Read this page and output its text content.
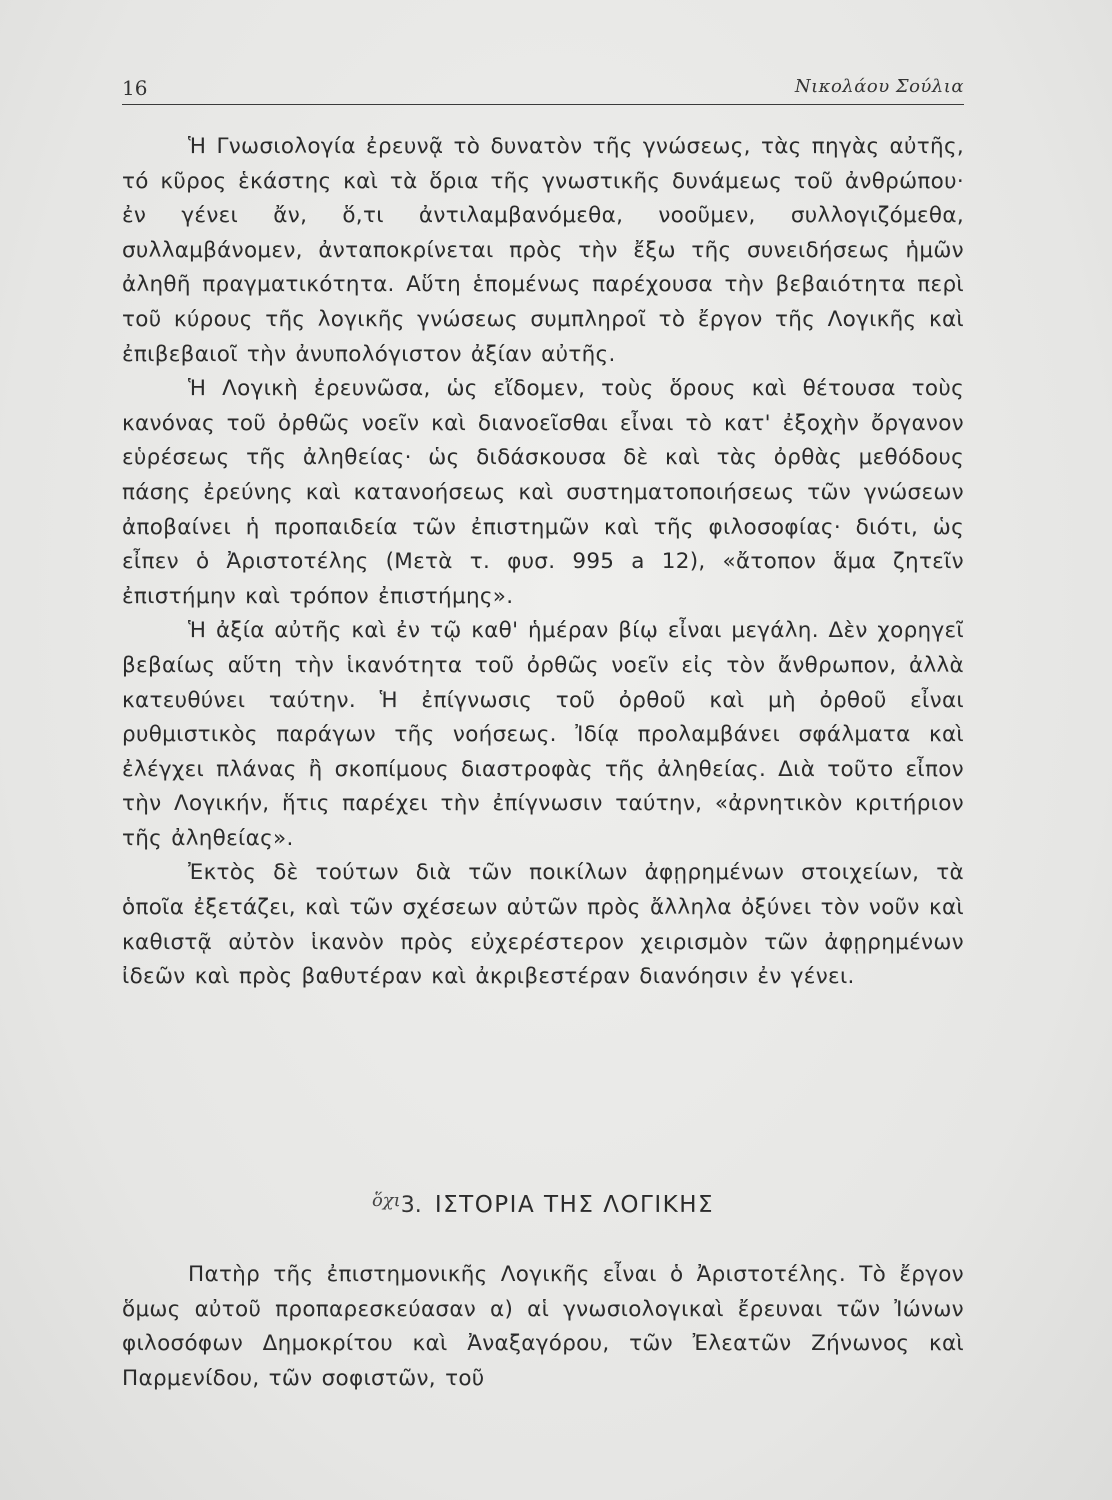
16	Νικολάου Σούλια

Ἡ Γνωσιολογία ἐρευνᾷ τὸ δυνατὸν τῆς γνώσεως, τὰς πηγὰς αὐτῆς, τό κῦρος ἑκάστης καὶ τὰ ὅρια τῆς γνωστικῆς δυνάμεως τοῦ ἀνθρώπου· ἐν γένει ἄν, ὅ,τι ἀντιλαμβανόμεθα, νοοῦμεν, συλλογιζόμεθα, συλλαμβάνομεν, ἀνταποκρίνεται πρὸς τὴν ἔξω τῆς συνειδήσεως ἡμῶν ἀληθῆ πραγματικότητα. Αὕτη ἑπομένως παρέχουσα τὴν βεβαιότητα περὶ τοῦ κύρους τῆς λογικῆς γνώσεως συμπληροῖ τὸ ἔργον τῆς Λογικῆς καὶ ἐπιβεβαιοῖ τὴν ἀνυπολόγιστον ἀξίαν αὐτῆς.

Ἡ Λογικὴ ἐρευνῶσα, ὡς εἴδομεν, τοὺς ὅρους καὶ θέτουσα τοὺς κανόνας τοῦ ὀρθῶς νοεῖν καὶ διανοεῖσθαι εἶναι τὸ κατ' ἐξοχὴν ὄργανον εὑρέσεως τῆς ἀληθείας· ὡς διδάσκουσα δὲ καὶ τὰς ὀρθὰς μεθόδους πάσης ἐρεύνης καὶ κατανοήσεως καὶ συστηματοποιήσεως τῶν γνώσεων ἀποβαίνει ἡ προπαιδεία τῶν ἐπιστημῶν καὶ τῆς φιλοσοφίας· διότι, ὡς εἶπεν ὁ Ἀριστοτέλης (Μετὰ τ. φυσ. 995 a 12), «ἄτοπον ἅμα ζητεῖν ἐπιστήμην καὶ τρόπον ἐπιστήμης».

Ἡ ἀξία αὐτῆς καὶ ἐν τῷ καθ' ἡμέραν βίῳ εἶναι μεγάλη. Δὲν χορηγεῖ βεβαίως αὕτη τὴν ἱκανότητα τοῦ ὀρθῶς νοεῖν εἰς τὸν ἄνθρωπον, ἀλλὰ κατευθύνει ταύτην. Ἡ ἐπίγνωσις τοῦ ὀρθοῦ καὶ μὴ ὀρθοῦ εἶναι ρυθμιστικὸς παράγων τῆς νοήσεως. Ἰδίᾳ προλαμβάνει σφάλματα καὶ ἐλέγχει πλάνας ἢ σκοπίμους διαστροφὰς τῆς ἀληθείας. Διὰ τοῦτο εἶπον τὴν Λογικήν, ἥτις παρέχει τὴν ἐπίγνωσιν ταύτην, «ἀρνητικὸν κριτήριον τῆς ἀληθείας».

Ἐκτὸς δὲ τούτων διὰ τῶν ποικίλων ἀφῃρημένων στοιχείων, τὰ ὁποῖα ἐξετάζει, καὶ τῶν σχέσεων αὐτῶν πρὸς ἄλληλα ὀξύνει τὸν νοῦν καὶ καθιστᾷ αὐτὸν ἱκανὸν πρὸς εὐχερέστερον χειρισμὸν τῶν ἀφῃρημένων ἰδεῶν καὶ πρὸς βαθυτέραν καὶ ἀκριβεστέραν διανόησιν ἐν γένει.

ὅχι3. ΙΣΤΟΡΙΑ ΤΗΣ ΛΟΓΙΚΗΣ

Πατὴρ τῆς ἐπιστημονικῆς Λογικῆς εἶναι ὁ Ἀριστοτέλης. Τὸ ἔργον ὅμως αὐτοῦ προπαρεσκεύασαν α) αἱ γνωσιολογικαὶ ἔρευναι τῶν Ἰώνων φιλοσόφων Δημοκρίτου καὶ Ἀναξαγόρου, τῶν Ἐλεατῶν Ζήνωνος καὶ Παρμενίδου, τῶν σοφιστῶν, τοῦ
